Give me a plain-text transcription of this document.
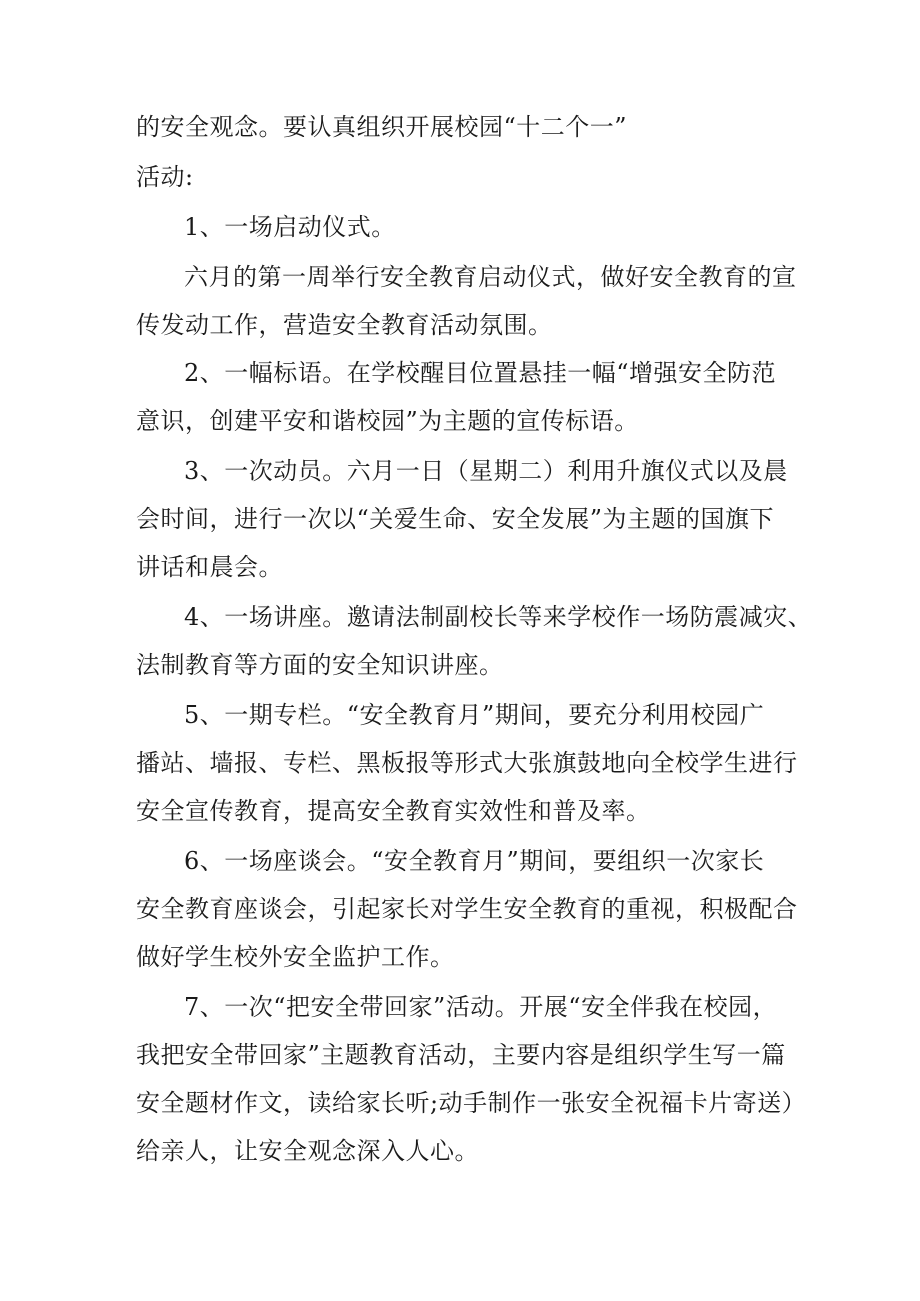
的安全观念。要认真组织开展校园“十二个一”
活动:
1、一场启动仪式。
六月的第一周举行安全教育启动仪式，做好安全教育的宣
传发动工作，营造安全教育活动氛围。
2、一幅标语。在学校醒目位置悬挂一幅“增强安全防范
意识，创建平安和谐校园”为主题的宣传标语。
3、一次动员。六月一日（星期二）利用升旗仪式以及晨
会时间，进行一次以“关爱生命、安全发展”为主题的国旗下
讲话和晨会。
4、一场讲座。邀请法制副校长等来学校作一场防震减灾、
法制教育等方面的安全知识讲座。
5、一期专栏。“安全教育月”期间，要充分利用校园广
播站、墙报、专栏、黑板报等形式大张旗鼓地向全校学生进行
安全宣传教育，提高安全教育实效性和普及率。
6、一场座谈会。“安全教育月”期间，要组织一次家长
安全教育座谈会，引起家长对学生安全教育的重视，积极配合
做好学生校外安全监护工作。
7、一次“把安全带回家”活动。开展“安全伴我在校园，
我把安全带回家”主题教育活动，主要内容是组织学生写一篇
安全题材作文，读给家长听;动手制作一张安全祝福卡片寄送）
给亲人，让安全观念深入人心。
